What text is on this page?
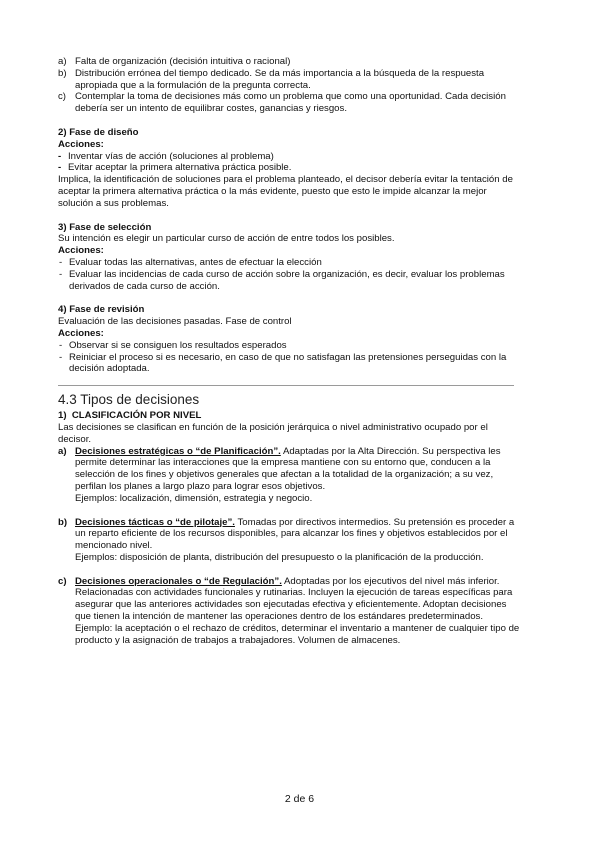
a) Falta de organización (decisión intuitiva o racional)
b) Distribución errónea del tiempo dedicado. Se da más importancia a la búsqueda de la respuesta apropiada que a la formulación de la pregunta correcta.
c) Contemplar la toma de decisiones más como un problema que como una oportunidad. Cada decisión debería ser un intento de equilibrar costes, ganancias y riesgos.
2) Fase de diseño
Acciones:
- Inventar vías de acción (soluciones al problema)
- Evitar aceptar la primera alternativa práctica posible.
Implica, la identificación de soluciones para el problema planteado, el decisor debería evitar la tentación de aceptar la primera alternativa práctica o la más evidente, puesto que esto le impide alcanzar la mejor solución a sus problemas.
3) Fase de selección
Su intención es elegir un particular curso de acción de entre todos los posibles.
Acciones:
- Evaluar todas las alternativas, antes de efectuar la elección
- Evaluar las incidencias de cada curso de acción sobre la organización, es decir, evaluar los problemas derivados de cada curso de acción.
4) Fase de revisión
Evaluación de las decisiones pasadas. Fase de control
Acciones:
- Observar si se consiguen los resultados esperados
- Reiniciar el proceso si es necesario, en caso de que no satisfagan las pretensiones perseguidas con la decisión adoptada.
4.3 Tipos de decisiones
1)  CLASIFICACIÓN POR NIVEL
Las decisiones se clasifican en función de la posición jerárquica o nivel administrativo ocupado por el decisor.
a) Decisiones estratégicas o “de Planificación”. Adaptadas por la Alta Dirección. Su perspectiva les permite determinar las interacciones que la empresa mantiene con su entorno que, conducen a la selección de los fines y objetivos generales que afectan a la totalidad de la organización; a su vez, perfilan los planes a largo plazo para lograr esos objetivos.
Ejemplos: localización, dimensión, estrategia y negocio.
b) Decisiones tácticas o “de pilotaje”. Tomadas por directivos intermedios. Su pretensión es proceder a un reparto eficiente de los recursos disponibles, para alcanzar los fines y objetivos establecidos por el mencionado nivel.
Ejemplos: disposición de planta, distribución del presupuesto o la planificación de la producción.
c) Decisiones operacionales o “de Regulación”. Adoptadas por los ejecutivos del nivel más inferior. Relacionadas con actividades funcionales y rutinarias. Incluyen la ejecución de tareas específicas para asegurar que las anteriores actividades son ejecutadas efectiva y eficientemente. Adoptan decisiones que tienen la intención de mantener las operaciones dentro de los estándares predeterminados.
Ejemplo: la aceptación o el rechazo de créditos, determinar el inventario a mantener de cualquier tipo de producto y la asignación de trabajos a trabajadores. Volumen de almacenes.
2 de 6
